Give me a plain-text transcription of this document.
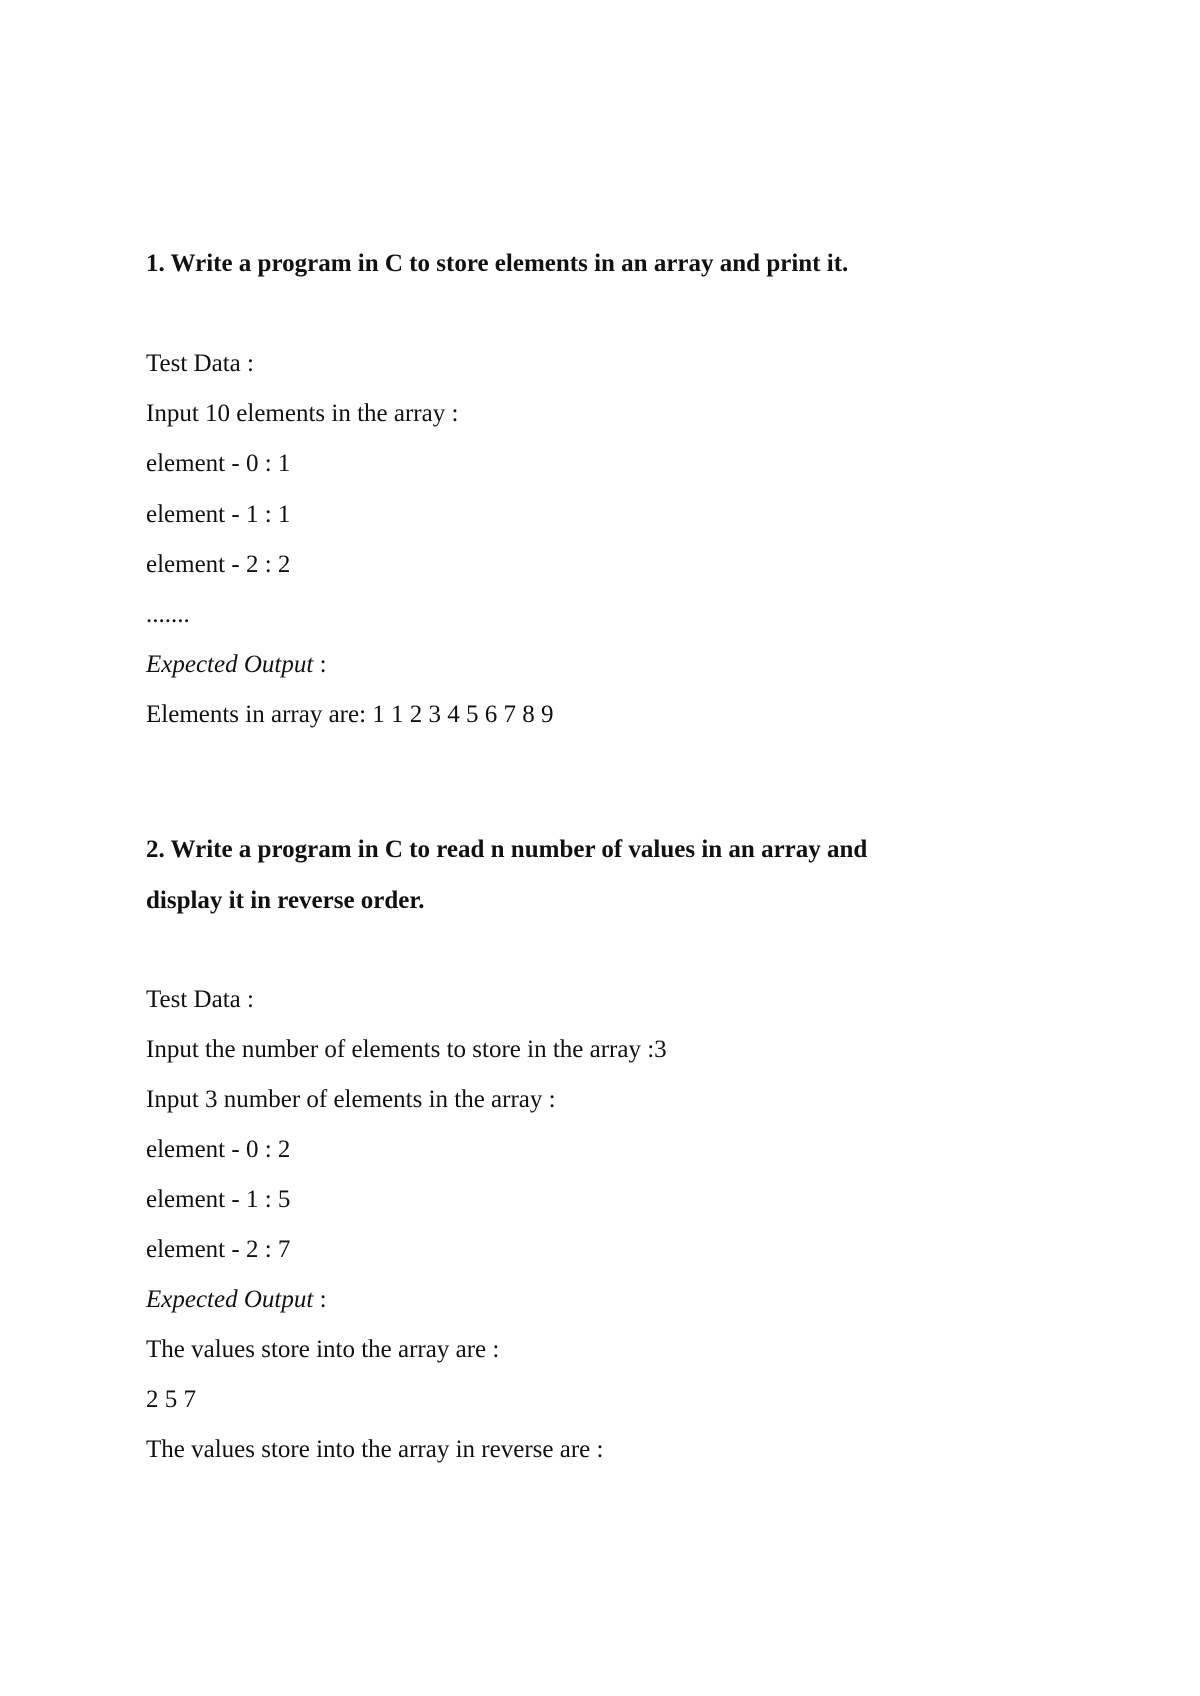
1. Write a program in C to store elements in an array and print it.

Test Data :

Input 10 elements in the array :

element - 0 : 1

element - 1 : 1

element - 2 : 2

.......

Expected Output :

Elements in array are: 1 1 2 3 4 5 6 7 8 9

2. Write a program in C to read n number of values in an array and

display it in reverse order.

Test Data :

Input the number of elements to store in the array :3

Input 3 number of elements in the array :

element - 0 : 2

element - 1 : 5

element - 2 : 7

Expected Output :

The values store into the array are :

2 5 7

The values store into the array in reverse are :
